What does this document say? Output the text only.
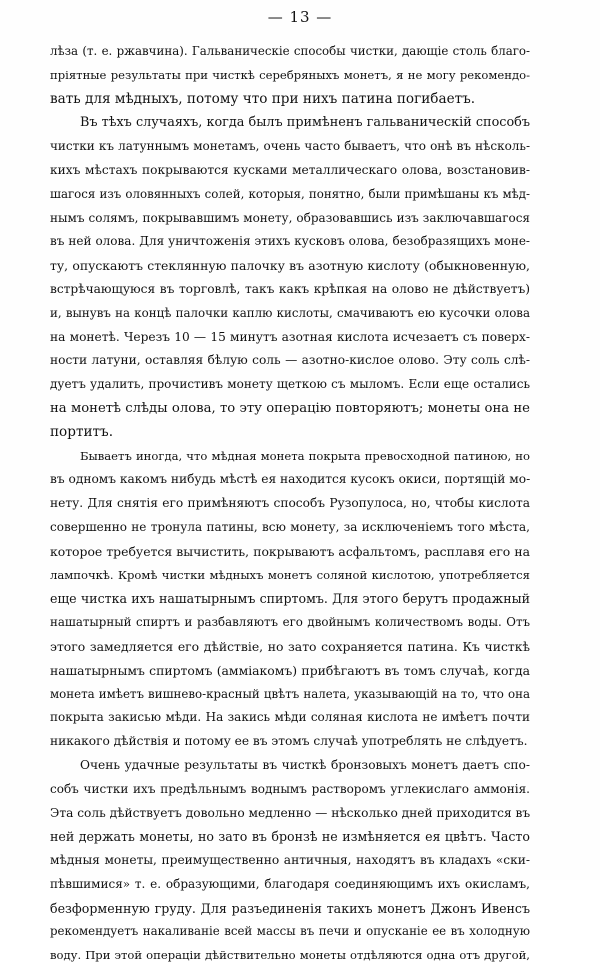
— 13 —
лѣза (т. е. ржавчина). Гальваническіе способы чистки, дающіе столь благо-
пріятные результаты при чисткѣ серебряныхъ монетъ, я не могу рекомендо-
вать для мѣдныхъ, потому что при нихъ патина погибаетъ.
Въ тѣхъ случаяхъ, когда былъ примѣненъ гальваническій способъ
чистки къ латуннымъ монетамъ, очень часто бываетъ, что онѣ въ нѣсколь-
кихъ мѣстахъ покрываются кусками металлическаго олова, возстановив-
шагося изъ оловянныхъ солей, которыя, понятно, были примѣшаны къ мѣд-
нымъ солямъ, покрывавшимъ монету, образовавшись изъ заключавшагося
въ ней олова. Для уничтоженія этихъ кусковъ олова, безобразящихъ моне-
ту, опускаютъ стеклянную палочку въ азотную кислоту (обыкновенную,
встрѣчающуюся въ торговлѣ, такъ какъ крѣпкая на олово не дѣйствуетъ)
и, вынувъ на концѣ палочки каплю кислоты, смачиваютъ ею кусочки олова
на монетѣ. Черезъ 10 — 15 минутъ азотная кислота исчезаетъ съ поверх-
ности латуни, оставляя бѣлую соль — азотно-кислое олово. Эту соль слѣ-
дуетъ удалить, прочистивъ монету щеткою съ мыломъ. Если еще остались
на монетѣ слѣды олова, то эту операцію повторяютъ; монеты она не
портитъ.
Бываетъ иногда, что мѣдная монета покрыта превосходной патиною, но
въ одномъ какомъ нибудь мѣстѣ ея находится кусокъ окиси, портящій мо-
нету. Для снятія его примѣняютъ способъ Рузопулоса, но, чтобы кислота
совершенно не тронула патины, всю монету, за исключеніемъ того мѣста,
которое требуется вычистить, покрываютъ асфальтомъ, расплавя его на
лампочкѣ. Кромѣ чистки мѣдныхъ монетъ соляной кислотою, употребляется
еще чистка ихъ нашатырнымъ спиртомъ. Для этого берутъ продажный
нашатырный спиртъ и разбавляютъ его двойнымъ количествомъ воды. Отъ
этого замедляется его дѣйствіе, но зато сохраняется патина. Къ чисткѣ
нашатырнымъ спиртомъ (аммiакомъ) прибѣгаютъ въ томъ случаѣ, когда
монета имѣетъ вишнево-красный цвѣтъ налета, указывающій на то, что она
покрыта закисью мѣди. На закись мѣди соляная кислота не имѣетъ почти
никакого дѣйствія и потому ее въ этомъ случаѣ употреблять не слѣдуетъ.
Очень удачные результаты въ чисткѣ бронзовыхъ монетъ даетъ спо-
собъ чистки ихъ предѣльнымъ воднымъ растворомъ углекислаго аммонія.
Эта соль дѣйствуетъ довольно медленно — нѣсколько дней приходится въ
ней держать монеты, но зато въ бронзѣ не измѣняется ея цвѣтъ. Часто
мѣдныя монеты, преимущественно античныя, находятъ въ кладахъ «ски-
пѣвшимися» т. е. образующими, благодаря соединяющимъ ихъ окисламъ,
безформенную груду. Для разъединенія такихъ монетъ Джонъ Ивенсъ
рекомендуетъ накаливаніе всей массы въ печи и опусканіе ее въ холодную
воду. При этой операціи дѣйствительно монеты отдѣляются одна отъ другой,
